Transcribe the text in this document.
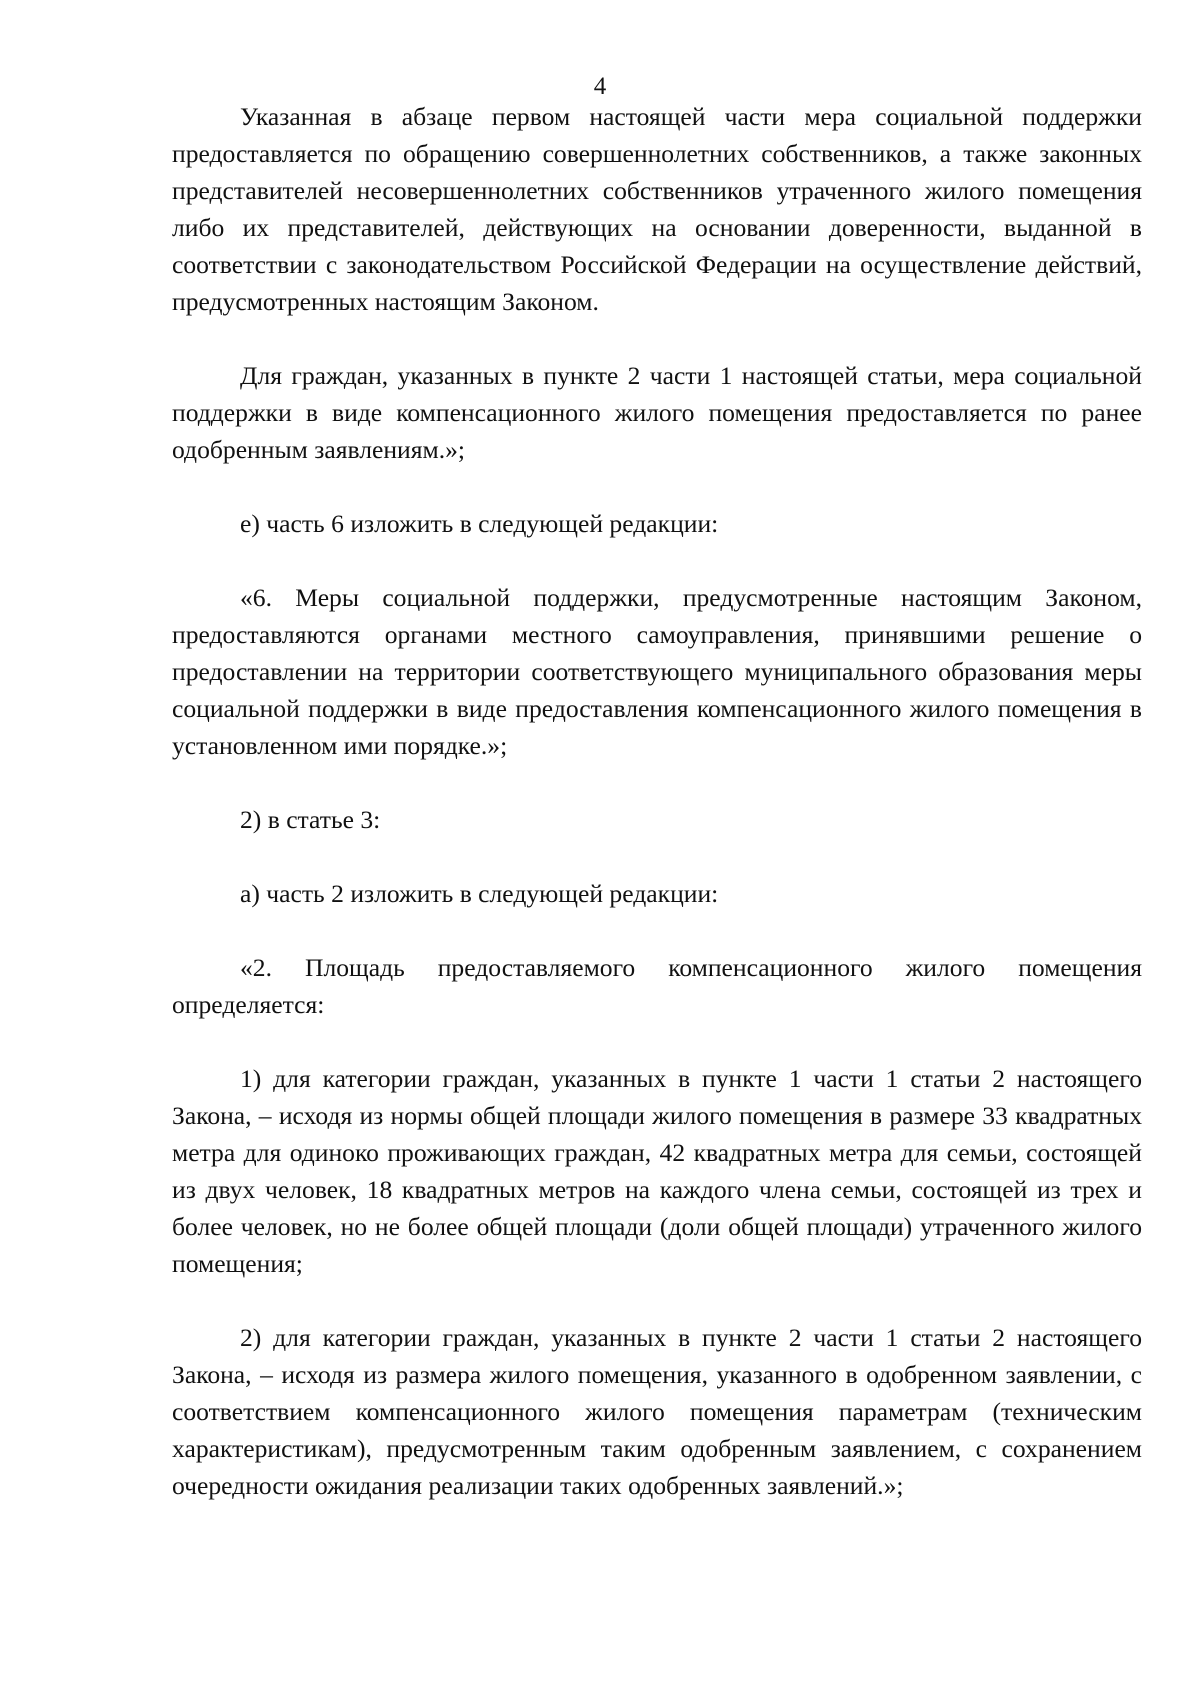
4

Указанная в абзаце первом настоящей части мера социальной поддержки предоставляется по обращению совершеннолетних собственников, а также законных представителей несовершеннолетних собственников утраченного жилого помещения либо их представителей, действующих на основании доверенности, выданной в соответствии с законодательством Российской Федерации на осуществление действий, предусмотренных настоящим Законом.

Для граждан, указанных в пункте 2 части 1 настоящей статьи, мера социальной поддержки в виде компенсационного жилого помещения предоставляется по ранее одобренным заявлениям.»;

е) часть 6 изложить в следующей редакции:

«6. Меры социальной поддержки, предусмотренные настоящим Законом, предоставляются органами местного самоуправления, принявшими решение о предоставлении на территории соответствующего муниципального образования меры социальной поддержки в виде предоставления компенсационного жилого помещения в установленном ими порядке.»;

2) в статье 3:

а) часть 2 изложить в следующей редакции:

«2. Площадь предоставляемого компенсационного жилого помещения определяется:

1) для категории граждан, указанных в пункте 1 части 1 статьи 2 настоящего Закона, – исходя из нормы общей площади жилого помещения в размере 33 квадратных метра для одиноко проживающих граждан, 42 квадратных метра для семьи, состоящей из двух человек, 18 квадратных метров на каждого члена семьи, состоящей из трех и более человек, но не более общей площади (доли общей площади) утраченного жилого помещения;

2) для категории граждан, указанных в пункте 2 части 1 статьи 2 настоящего Закона, – исходя из размера жилого помещения, указанного в одобренном заявлении, с соответствием компенсационного жилого помещения параметрам (техническим характеристикам), предусмотренным таким одобренным заявлением, с сохранением очередности ожидания реализации таких одобренных заявлений.»;
